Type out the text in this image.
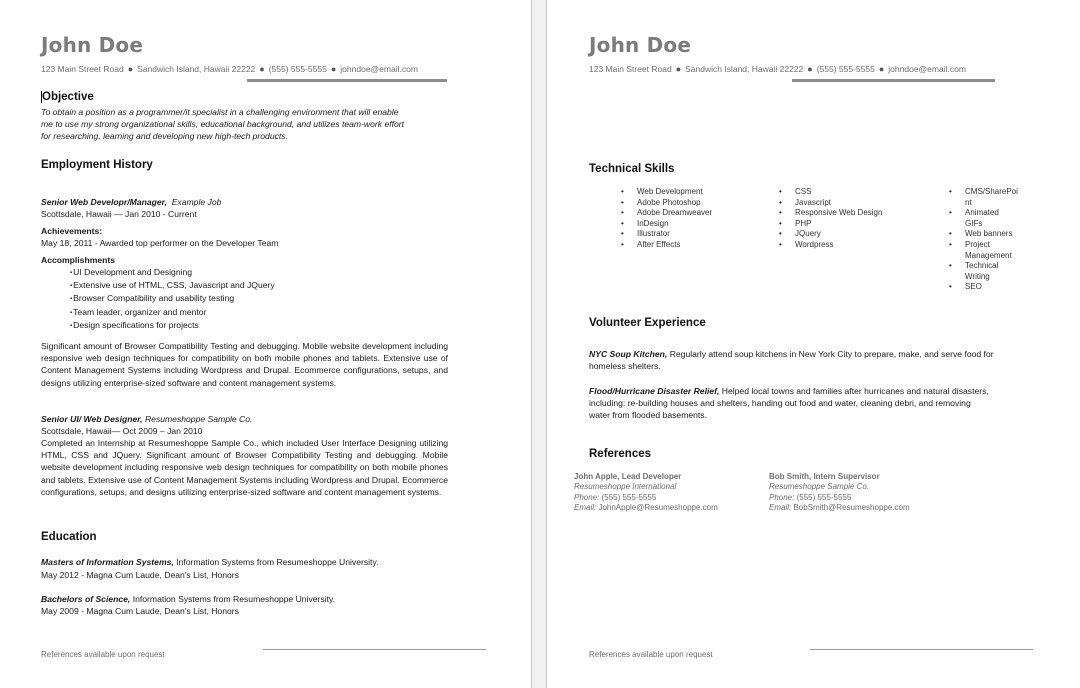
John Doe
123 Main Street Road ● Sandwich Island, Hawaii 22222 ● (555) 555-5555 ● johndoe@email.com
Objective
To obtain a position as a programmer/it specialist in a challenging environment that will enable
me to use my strong organizational skills, educational background, and utilizes team-work effort
for researching, learning and developing new high-tech products.
Employment History
Senior Web Developr/Manager, Example Job
Scottsdale, Hawaii — Jan 2010 - Current
Achievements:
May 18, 2011 - Awarded top performer on the Developer Team
Accomplishments
▪ UI Development and Designing
▪ Extensive use of HTML, CSS, Javascript and JQuery
▪ Browser Compatibility and usability testing
▪ Team leader, organizer and mentor
▪ Design specifications for projects
Significant amount of Browser Compatibility Testing and debugging. Mobile website development including responsive web design techniques for compatibility on both mobile phones and tablets. Extensive use of Content Management Systems including Wordpress and Drupal. Ecommerce configurations, setups, and designs utilizing enterprise-sized software and content management systems.
Senior UI/ Web Designer, Resumeshoppe Sample Co.
Scottsdale, Hawaii— Oct 2009 – Jan 2010
Completed an Internship at Resumeshoppe Sample Co., which included User Interface Designing utilizing HTML, CSS and JQuery. Significant amount of Browser Compatibility Testing and debugging. Mobile website development including responsive web design techniques for compatibility on both mobile phones and tablets. Extensive use of Content Management Systems including Wordpress and Drupal. Ecommerce configurations, setups, and designs utilizing enterprise-sized software and content management systems.
Education
Masters of Information Systems, Information Systems from Resumeshoppe University.
May 2012 - Magna Cum Laude, Dean's List, Honors
Bachelors of Science, Information Systems from Resumeshoppe University.
May 2009 - Magna Cum Laude, Dean's List, Honors
References available upon request
John Doe
123 Main Street Road ● Sandwich Island, Hawaii 22222 ● (555) 555-5555 ● johndoe@email.com
Technical Skills
• Web Development
• Adobe Photoshop
• Adobe Dreamweaver
• InDesign
• Illustrator
• After Effects
• CSS
• Javascript
• Responsive Web Design
• PHP
• JQuery
• Wordpress
• CMS/SharePoi
nt
• Animated
GIFs
• Web banners
• Project
Management
• Technical
Writing
• SEO
Volunteer Experience
NYC Soup Kitchen, Regularly attend soup kitchens in New York City to prepare, make, and serve food for
homeless shelters.
Flood/Hurricane Disaster Relief, Helped local towns and families after hurricanes and natural disasters,
including: re-building houses and shelters, handing out food and water, cleaning debri, and removing
water from flooded basements.
References
John Apple, Lead Developer
Resumeshoppe International
Phone: (555) 555-5555
Email: JohnApple@Resumeshoppe.com
Bob Smith, Intern Supervisor
Resumeshoppe Sample Co.
Phone: (555) 555-5555
Email: BobSmith@Resumeshoppe.com
References available upon request
